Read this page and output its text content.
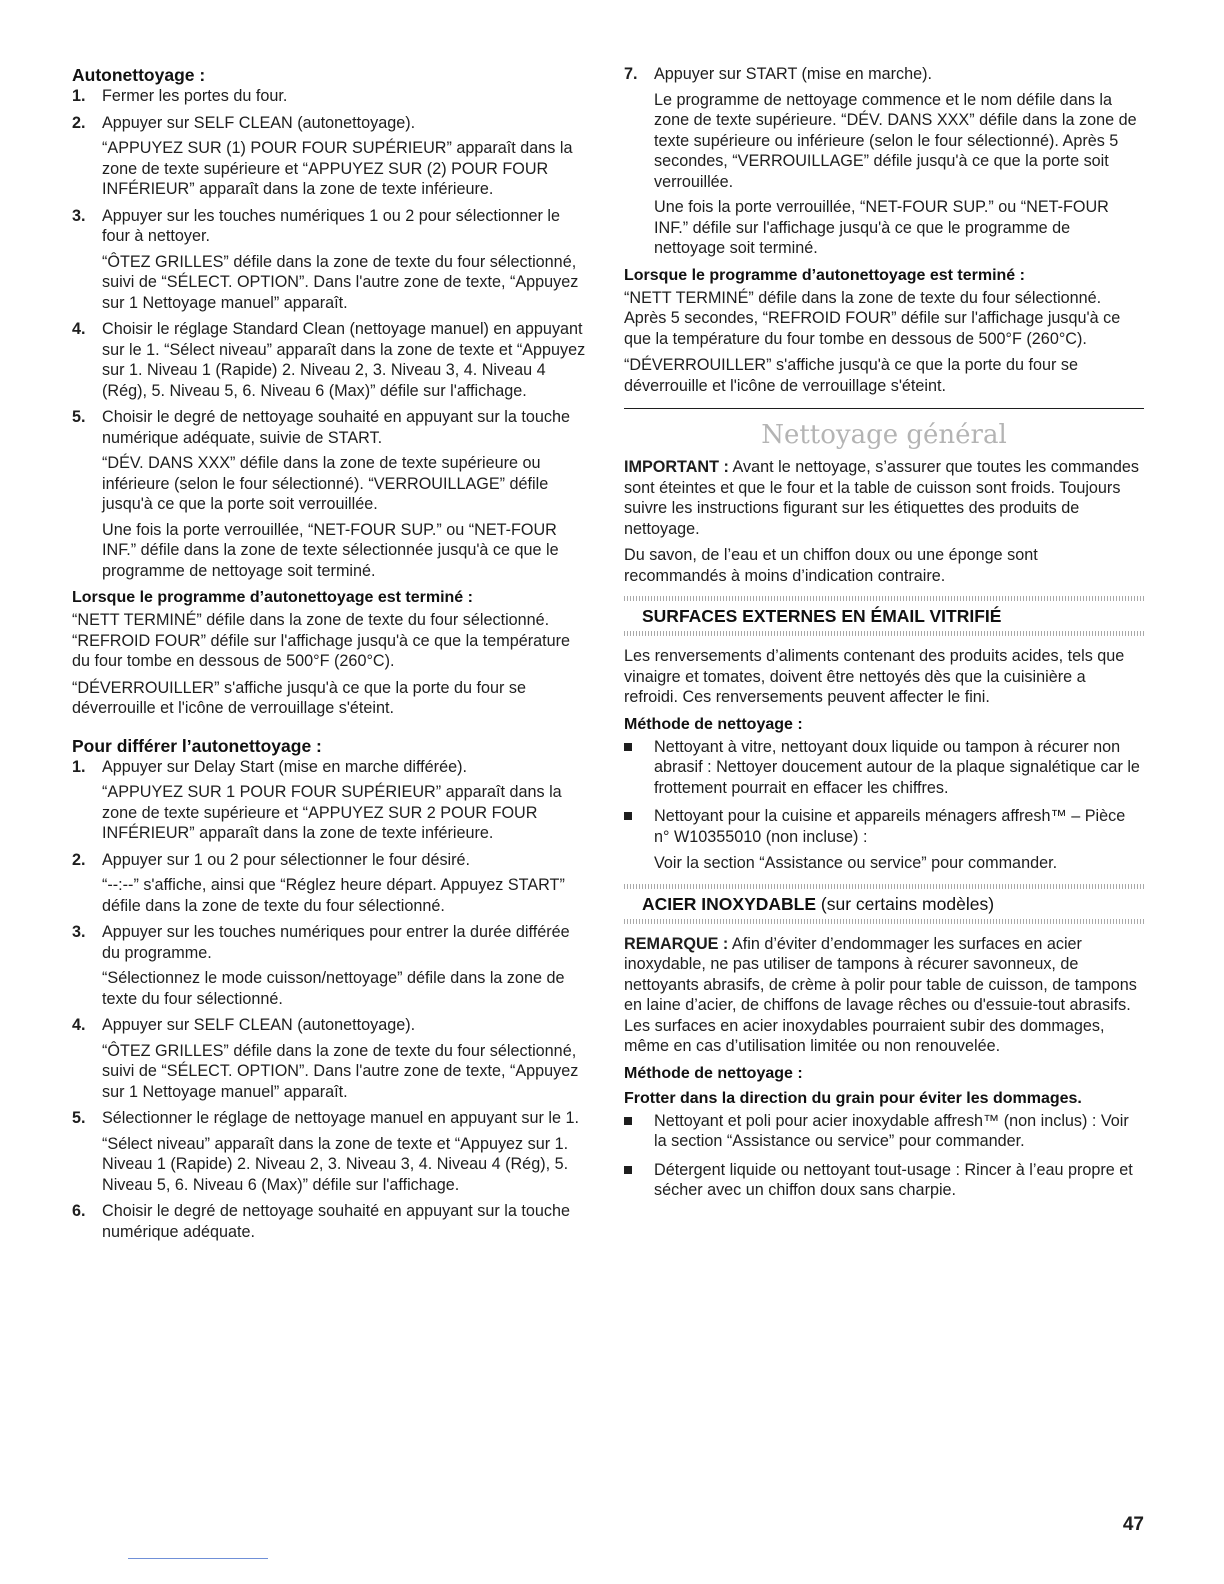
Autonettoyage :

1. Fermer les portes du four.

2. Appuyer sur SELF CLEAN (autonettoyage).

“APPUYEZ SUR (1) POUR FOUR SUPÉRIEUR” apparaît dans la zone de texte supérieure et “APPUYEZ SUR (2) POUR FOUR INFÉRIEUR” apparaît dans la zone de texte inférieure.

3. Appuyer sur les touches numériques 1 ou 2 pour sélectionner le four à nettoyer.

“ÔTEZ GRILLES” défile dans la zone de texte du four sélectionné, suivi de “SÉLECT. OPTION”. Dans l'autre zone de texte, “Appuyez sur 1 Nettoyage manuel” apparaît.

4. Choisir le réglage Standard Clean (nettoyage manuel) en appuyant sur le 1. “Sélect niveau” apparaît dans la zone de texte et “Appuyez sur 1. Niveau 1 (Rapide) 2. Niveau 2, 3. Niveau 3, 4. Niveau 4 (Rég), 5. Niveau 5, 6. Niveau 6 (Max)” défile sur l'affichage.

5. Choisir le degré de nettoyage souhaité en appuyant sur la touche numérique adéquate, suivie de START.

“DÉV. DANS XXX” défile dans la zone de texte supérieure ou inférieure (selon le four sélectionné). “VERROUILLAGE” défile jusqu'à ce que la porte soit verrouillée.

Une fois la porte verrouillée, “NET-FOUR SUP.” ou “NET-FOUR INF.” défile dans la zone de texte sélectionnée jusqu'à ce que le programme de nettoyage soit terminé.

Lorsque le programme d’autonettoyage est terminé :

“NETT TERMINÉ” défile dans la zone de texte du four sélectionné. “REFROID FOUR” défile sur l'affichage jusqu'à ce que la température du four tombe en dessous de 500°F (260°C).

“DÉVERROUILLER” s'affiche jusqu'à ce que la porte du four se déverrouille et l'icône de verrouillage s'éteint.

Pour différer l’autonettoyage :

1. Appuyer sur Delay Start (mise en marche différée).

“APPUYEZ SUR 1 POUR FOUR SUPÉRIEUR” apparaît dans la zone de texte supérieure et “APPUYEZ SUR 2 POUR FOUR INFÉRIEUR” apparaît dans la zone de texte inférieure.

2. Appuyer sur 1 ou 2 pour sélectionner le four désiré.

“--:--” s'affiche, ainsi que “Réglez heure départ. Appuyez START” défile dans la zone de texte du four sélectionné.

3. Appuyer sur les touches numériques pour entrer la durée différée du programme.

“Sélectionnez le mode cuisson/nettoyage” défile dans la zone de texte du four sélectionné.

4. Appuyer sur SELF CLEAN (autonettoyage).

“ÔTEZ GRILLES” défile dans la zone de texte du four sélectionné, suivi de “SÉLECT. OPTION”. Dans l'autre zone de texte, “Appuyez sur 1 Nettoyage manuel” apparaît.

5. Sélectionner le réglage de nettoyage manuel en appuyant sur le 1.

“Sélect niveau” apparaît dans la zone de texte et “Appuyez sur 1. Niveau 1 (Rapide) 2. Niveau 2, 3. Niveau 3, 4. Niveau 4 (Rég), 5. Niveau 5, 6. Niveau 6 (Max)” défile sur l'affichage.

6. Choisir le degré de nettoyage souhaité en appuyant sur la touche numérique adéquate.

7. Appuyer sur START (mise en marche).

Le programme de nettoyage commence et le nom défile dans la zone de texte supérieure. “DÉV. DANS XXX” défile dans la zone de texte supérieure ou inférieure (selon le four sélectionné). Après 5 secondes, “VERROUILLAGE” défile jusqu'à ce que la porte soit verrouillée.

Une fois la porte verrouillée, “NET-FOUR SUP.” ou “NET-FOUR INF.” défile sur l'affichage jusqu'à ce que le programme de nettoyage soit terminé.

Lorsque le programme d’autonettoyage est terminé :

“NETT TERMINÉ” défile dans la zone de texte du four sélectionné. Après 5 secondes, “REFROID FOUR” défile sur l'affichage jusqu'à ce que la température du four tombe en dessous de 500°F (260°C).

“DÉVERROUILLER” s'affiche jusqu'à ce que la porte du four se déverrouille et l'icône de verrouillage s'éteint.

Nettoyage général

IMPORTANT : Avant le nettoyage, s’assurer que toutes les commandes sont éteintes et que le four et la table de cuisson sont froids. Toujours suivre les instructions figurant sur les étiquettes des produits de nettoyage.

Du savon, de l’eau et un chiffon doux ou une éponge sont recommandés à moins d’indication contraire.

SURFACES EXTERNES EN ÉMAIL VITRIFIÉ

Les renversements d’aliments contenant des produits acides, tels que vinaigre et tomates, doivent être nettoyés dès que la cuisinière a refroidi. Ces renversements peuvent affecter le fini.

Méthode de nettoyage :

Nettoyant à vitre, nettoyant doux liquide ou tampon à récurer non abrasif : Nettoyer doucement autour de la plaque signalétique car le frottement pourrait en effacer les chiffres.

Nettoyant pour la cuisine et appareils ménagers affresh™ – Pièce n° W10355010 (non incluse) :

Voir la section “Assistance ou service” pour commander.

ACIER INOXYDABLE (sur certains modèles)

REMARQUE : Afin d’éviter d’endommager les surfaces en acier inoxydable, ne pas utiliser de tampons à récurer savonneux, de nettoyants abrasifs, de crème à polir pour table de cuisson, de tampons en laine d’acier, de chiffons de lavage rêches ou d'essuie-tout abrasifs. Les surfaces en acier inoxydables pourraient subir des dommages, même en cas d’utilisation limitée ou non renouvelée.

Méthode de nettoyage :

Frotter dans la direction du grain pour éviter les dommages.

Nettoyant et poli pour acier inoxydable affresh™ (non inclus) : Voir la section “Assistance ou service” pour commander.

Détergent liquide ou nettoyant tout-usage : Rincer à l’eau propre et sécher avec un chiffon doux sans charpie.

47
